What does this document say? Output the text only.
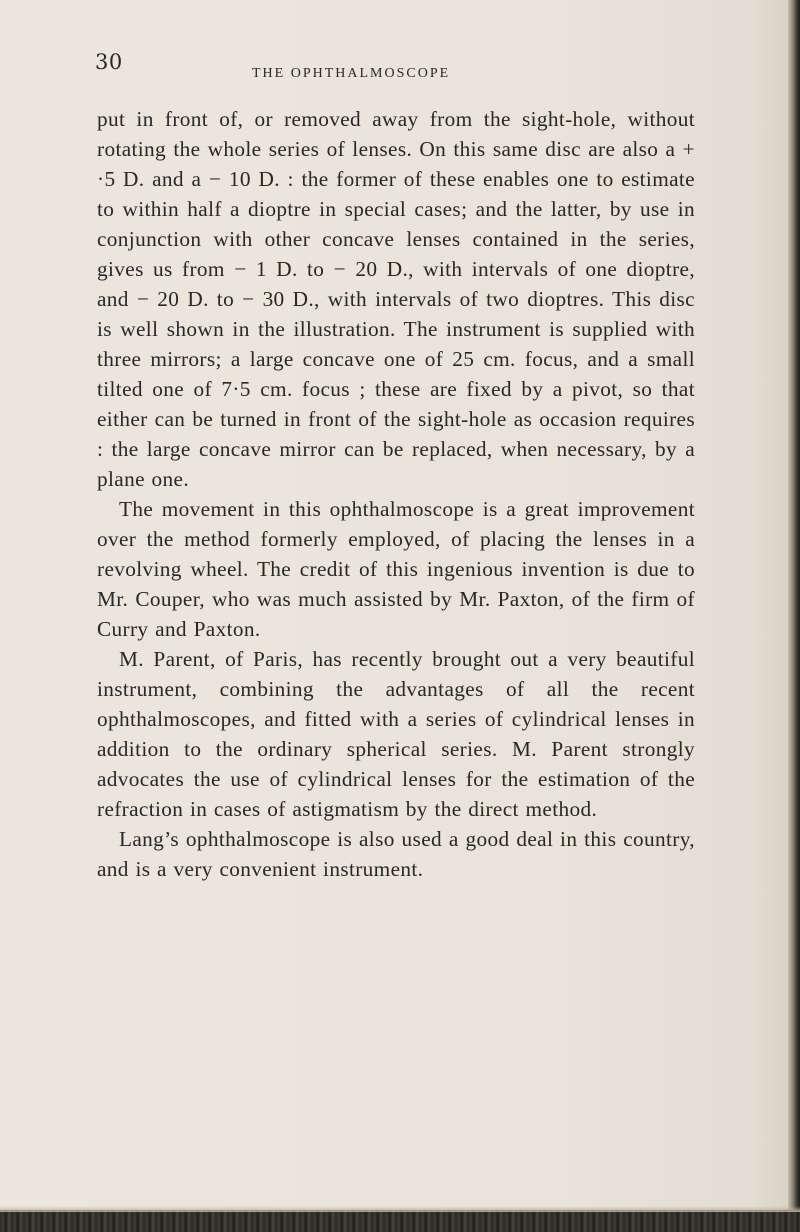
30	THE OPHTHALMOSCOPE

put in front of, or removed away from the sight-hole, without rotating the whole series of lenses. On this same disc are also a + ·5 D. and a − 10 D. : the former of these enables one to estimate to within half a dioptre in special cases; and the latter, by use in conjunction with other concave lenses contained in the series, gives us from − 1 D. to − 20 D., with intervals of one dioptre, and − 20 D. to − 30 D., with intervals of two dioptres. This disc is well shown in the illustration. The instrument is supplied with three mirrors; a large concave one of 25 cm. focus, and a small tilted one of 7·5 cm. focus ; these are fixed by a pivot, so that either can be turned in front of the sight-hole as occasion requires : the large concave mirror can be replaced, when necessary, by a plane one.

The movement in this ophthalmoscope is a great improvement over the method formerly employed, of placing the lenses in a revolving wheel. The credit of this ingenious invention is due to Mr. Couper, who was much assisted by Mr. Paxton, of the firm of Curry and Paxton.

M. Parent, of Paris, has recently brought out a very beautiful instrument, combining the advantages of all the recent ophthalmoscopes, and fitted with a series of cylindrical lenses in addition to the ordinary spherical series. M. Parent strongly advocates the use of cylindrical lenses for the estimation of the refraction in cases of astigmatism by the direct method.

Lang’s ophthalmoscope is also used a good deal in this country, and is a very convenient instrument.
